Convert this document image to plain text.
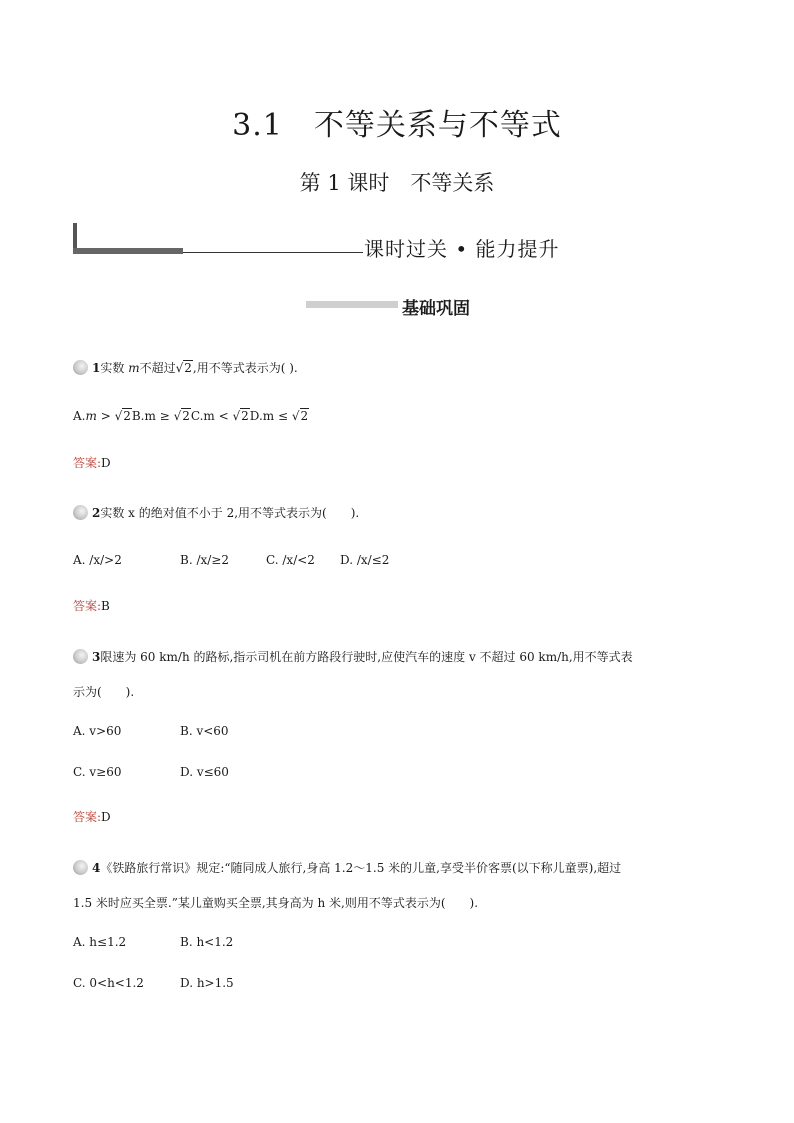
3.1　不等关系与不等式
第 1 课时　不等关系
课时过关 • 能力提升
基础巩固
1实数 m不超过√2,用不等式表示为( ).
A.m > √2B.m ≥ √2C.m < √2D.m ≤ √2
答案:D
2实数 x 的绝对值不小于 2,用不等式表示为(　　).
A. /x/>2	B. /x/≥2	C. /x/<2 D. /x/≤2
答案:B
3限速为 60 km/h 的路标,指示司机在前方路段行驶时,应使汽车的速度 v 不超过 60 km/h,用不等式表
示为(　　).
A. v>60	B. v<60
C. v≥60	D. v≤60
答案:D
4《铁路旅行常识》规定:“随同成人旅行,身高 1.2～1.5 米的儿童,享受半价客票(以下称儿童票),超过
1.5 米时应买全票.”某儿童购买全票,其身高为 h 米,则用不等式表示为(　　).
A. h≤1.2	B. h<1.2
C. 0<h<1.2	D. h>1.5
